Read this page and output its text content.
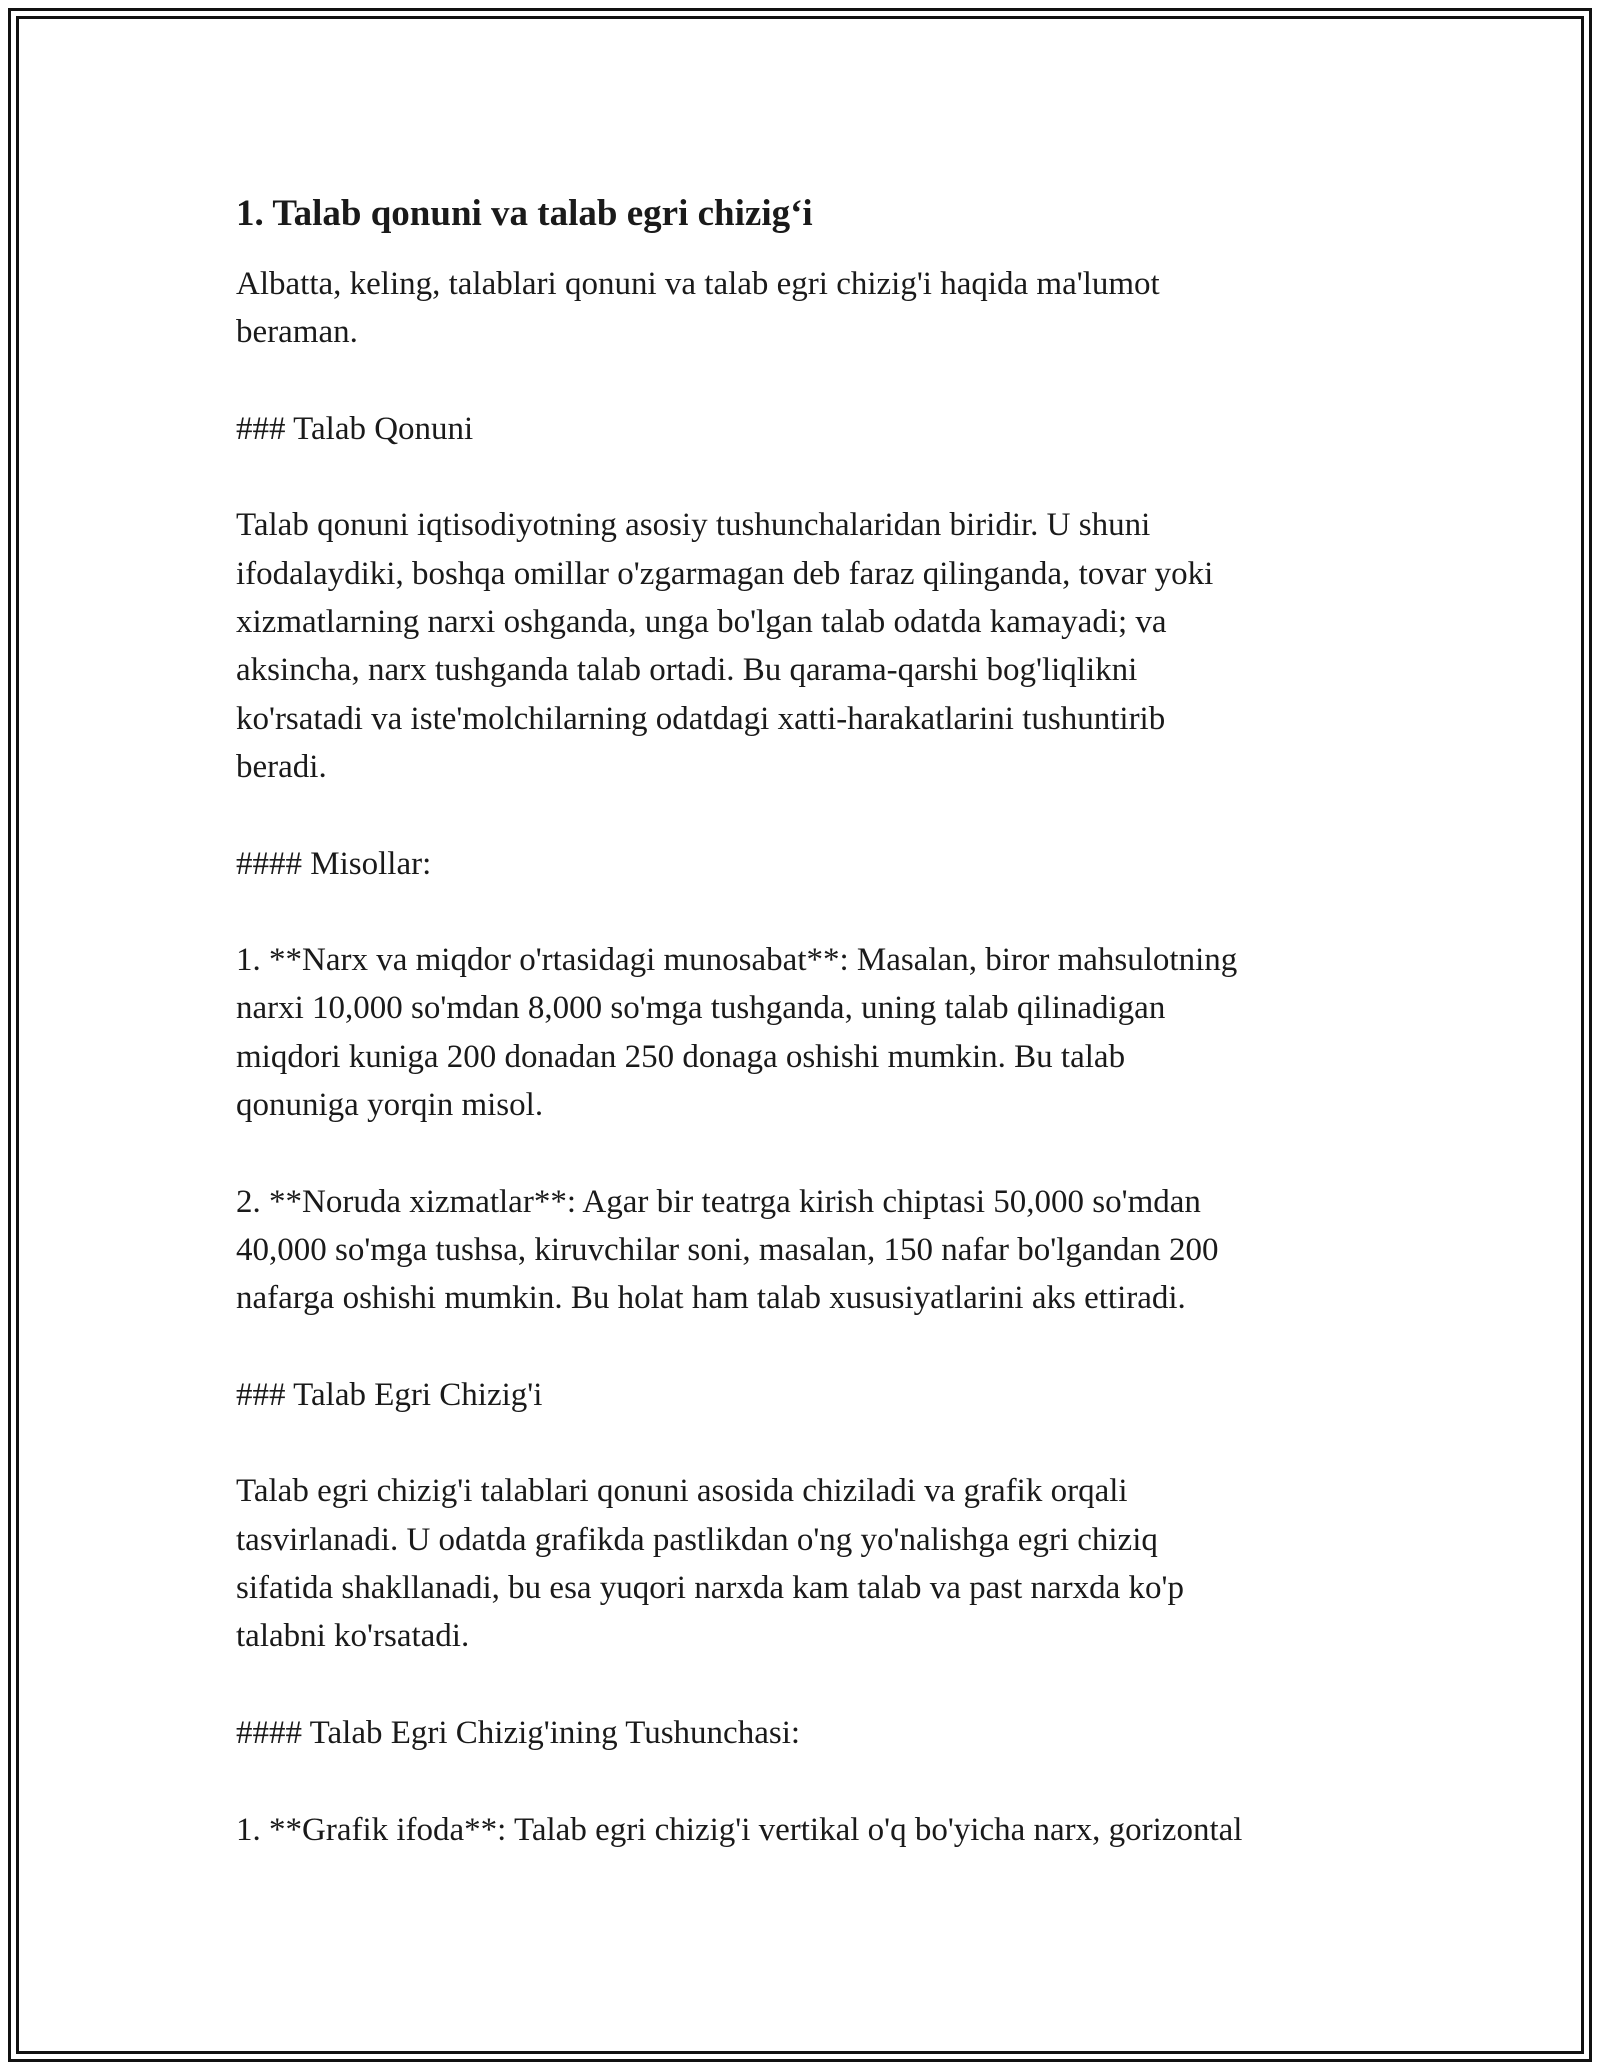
1. Talab qonuni va talab egri chizig‘i

Albatta, keling, talablari qonuni va talab egri chizig'i haqida ma'lumot
beraman.

### Talab Qonuni

Talab qonuni iqtisodiyotning asosiy tushunchalaridan biridir. U shuni
ifodalaydiki, boshqa omillar o'zgarmagan deb faraz qilinganda, tovar yoki
xizmatlarning narxi oshganda, unga bo'lgan talab odatda kamayadi; va
aksincha, narx tushganda talab ortadi. Bu qarama-qarshi bog'liqlikni
ko'rsatadi va iste'molchilarning odatdagi xatti-harakatlarini tushuntirib
beradi.

#### Misollar:

1. **Narx va miqdor o'rtasidagi munosabat**: Masalan, biror mahsulotning
narxi 10,000 so'mdan 8,000 so'mga tushganda, uning talab qilinadigan
miqdori kuniga 200 donadan 250 donaga oshishi mumkin. Bu talab
qonuniga yorqin misol.

2. **Noruda xizmatlar**: Agar bir teatrga kirish chiptasi 50,000 so'mdan
40,000 so'mga tushsa, kiruvchilar soni, masalan, 150 nafar bo'lgandan 200
nafarga oshishi mumkin. Bu holat ham talab xususiyatlarini aks ettiradi.

### Talab Egri Chizig'i

Talab egri chizig'i talablari qonuni asosida chiziladi va grafik orqali
tasvirlanadi. U odatda grafikda pastlikdan o'ng yo'nalishga egri chiziq
sifatida shakllanadi, bu esa yuqori narxda kam talab va past narxda ko'p
talabni ko'rsatadi.

#### Talab Egri Chizig'ining Tushunchasi:

1. **Grafik ifoda**: Talab egri chizig'i vertikal o'q bo'yicha narx, gorizontal
